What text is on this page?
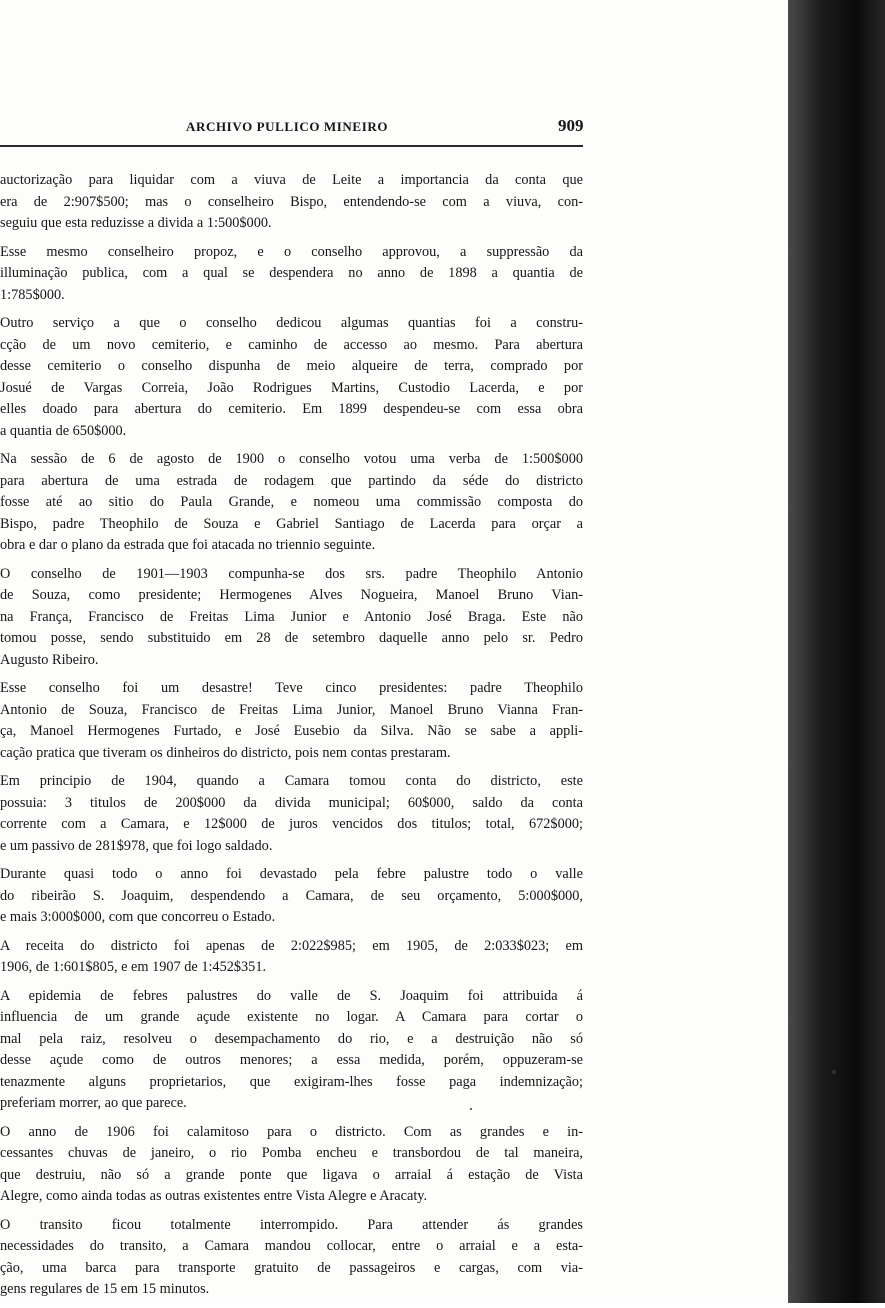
ARCHIVO PULLICO MINEIRO	909
auctorização para liquidar com a viuva de Leite a importancia da conta que
era de 2:907$500; mas o conselheiro Bispo, entendendo-se com a viuva, con-
seguiu que esta reduzisse a divida a 1:500$000.
Esse mesmo conselheiro propoz, e o conselho approvou, a suppressão da
illuminação publica, com a qual se despendera no anno de 1898 a quantia de
1:785$000.
Outro serviço a que o conselho dedicou algumas quantias foi a constru-
cção de um novo cemiterio, e caminho de accesso ao mesmo. Para abertura
desse cemiterio o conselho dispunha de meio alqueire de terra, comprado por
Josué de Vargas Correia, João Rodrigues Martins, Custodio Lacerda, e por
elles doado para abertura do cemiterio. Em 1899 despendeu-se com essa obra
a quantia de 650$000.
Na sessão de 6 de agosto de 1900 o conselho votou uma verba de 1:500$000
para abertura de uma estrada de rodagem que partindo da séde do districto
fosse até ao sitio do Paula Grande, e nomeou uma commissão composta do
Bispo, padre Theophilo de Souza e Gabriel Santiago de Lacerda para orçar a
obra e dar o plano da estrada que foi atacada no triennio seguinte.
O conselho de 1901—1903 compunha-se dos srs. padre Theophilo Antonio
de Souza, como presidente; Hermogenes Alves Nogueira, Manoel Bruno Vian-
na França, Francisco de Freitas Lima Junior e Antonio José Braga. Este não
tomou posse, sendo substituido em 28 de setembro daquelle anno pelo sr. Pedro
Augusto Ribeiro.
Esse conselho foi um desastre! Teve cinco presidentes: padre Theophilo
Antonio de Souza, Francisco de Freitas Lima Junior, Manoel Bruno Vianna Fran-
ça, Manoel Hermogenes Furtado, e José Eusebio da Silva. Não se sabe a appli-
cação pratica que tiveram os dinheiros do districto, pois nem contas prestaram.
Em principio de 1904, quando a Camara tomou conta do districto, este
possuia: 3 titulos de 200$000 da divida municipal; 60$000, saldo da conta
corrente com a Camara, e 12$000 de juros vencidos dos titulos; total, 672$000;
e um passivo de 281$978, que foi logo saldado.
Durante quasi todo o anno foi devastado pela febre palustre todo o valle
do ribeirão S. Joaquim, despendendo a Camara, de seu orçamento, 5:000$000,
e mais 3:000$000, com que concorreu o Estado.
A receita do districto foi apenas de 2:022$985; em 1905, de 2:033$023; em
1906, de 1:601$805, e em 1907 de 1:452$351.
A epidemia de febres palustres do valle de S. Joaquim foi attribuida á
influencia de um grande açude existente no logar. A Camara para cortar o
mal pela raiz, resolveu o desempachamento do rio, e a destruição não só
desse açude como de outros menores; a essa medida, porém, oppuzeram-se
tenazmente alguns proprietarios, que exigiram-lhes fosse paga indemnização;
preferiam morrer, ao que parece.
O anno de 1906 foi calamitoso para o districto. Com as grandes e in-
cessantes chuvas de janeiro, o rio Pomba encheu e transbordou de tal maneira,
que destruiu, não só a grande ponte que ligava o arraial á estação de Vista
Alegre, como ainda todas as outras existentes entre Vista Alegre e Aracaty.
O transito ficou totalmente interrompido. Para attender ás grandes
necessidades do transito, a Camara mandou collocar, entre o arraial e a esta-
ção, uma barca para transporte gratuito de passageiros e cargas, com via-
gens regulares de 15 em 15 minutos.
